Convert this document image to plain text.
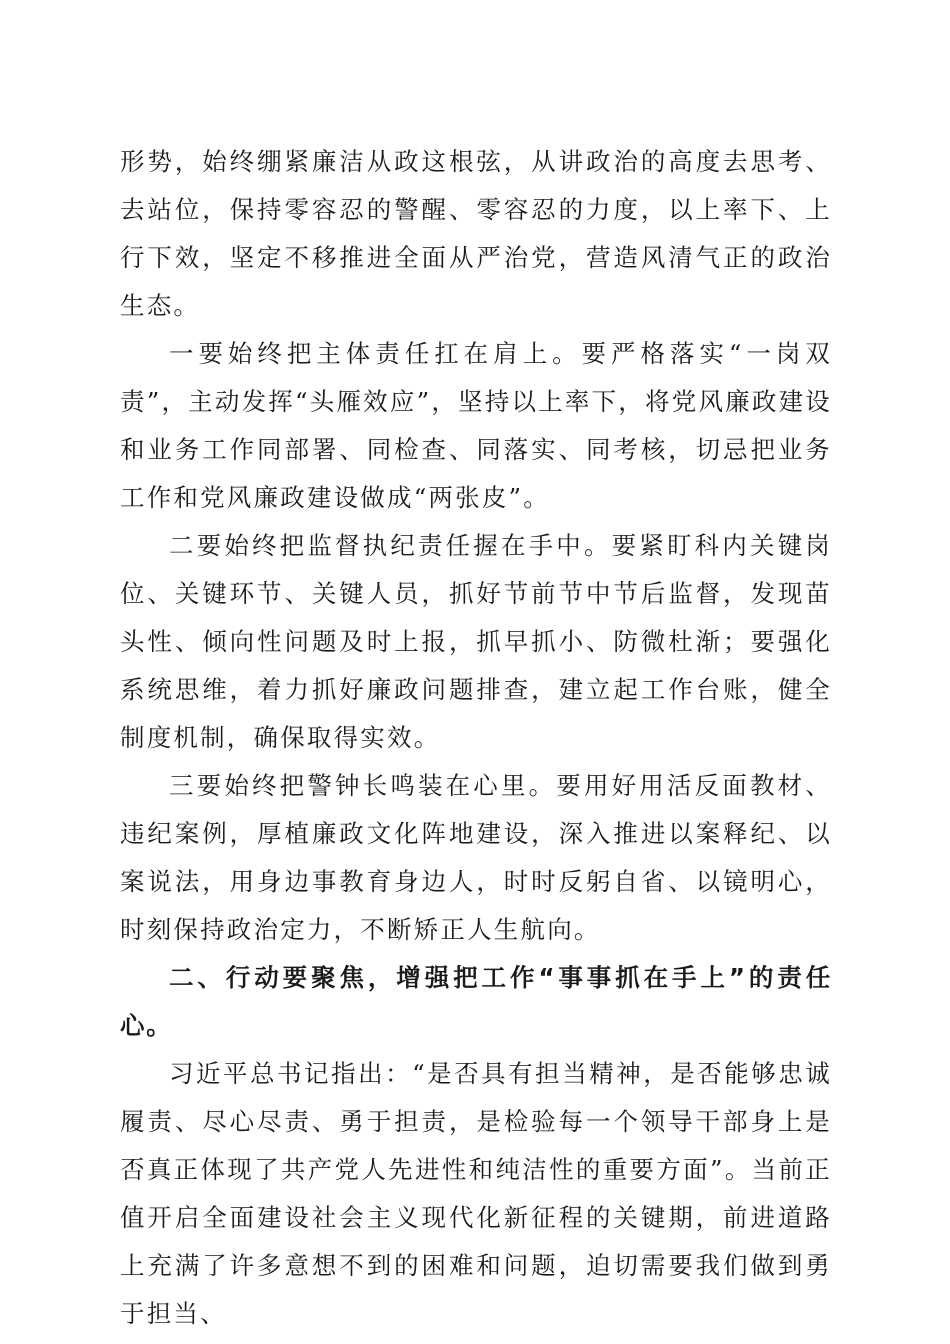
形势，始终绷紧廉洁从政这根弦，从讲政治的高度去思考、去站位，保持零容忍的警醒、零容忍的力度，以上率下、上行下效，坚定不移推进全面从严治党，营造风清气正的政治生态。

一要始终把主体责任扛在肩上。要严格落实“一岗双责”，主动发挥“头雁效应”，坚持以上率下，将党风廉政建设和业务工作同部署、同检查、同落实、同考核，切忌把业务工作和党风廉政建设做成“两张皮”。

二要始终把监督执纪责任握在手中。要紧盯科内关键岗位、关键环节、关键人员，抓好节前节中节后监督，发现苗头性、倾向性问题及时上报，抓早抓小、防微杜渐；要强化系统思维，着力抓好廉政问题排查，建立起工作台账，健全制度机制，确保取得实效。

三要始终把警钟长鸣装在心里。要用好用活反面教材、违纪案例，厚植廉政文化阵地建设，深入推进以案释纪、以案说法，用身边事教育身边人，时时反躬自省、以镜明心，时刻保持政治定力，不断矫正人生航向。

二、行动要聚焦，增强把工作“事事抓在手上”的责任心。

习近平总书记指出：“是否具有担当精神，是否能够忠诚履责、尽心尽责、勇于担责，是检验每一个领导干部身上是否真正体现了共产党人先进性和纯洁性的重要方面”。当前正值开启全面建设社会主义现代化新征程的关键期，前进道路上充满了许多意想不到的困难和问题，迫切需要我们做到勇于担当、
